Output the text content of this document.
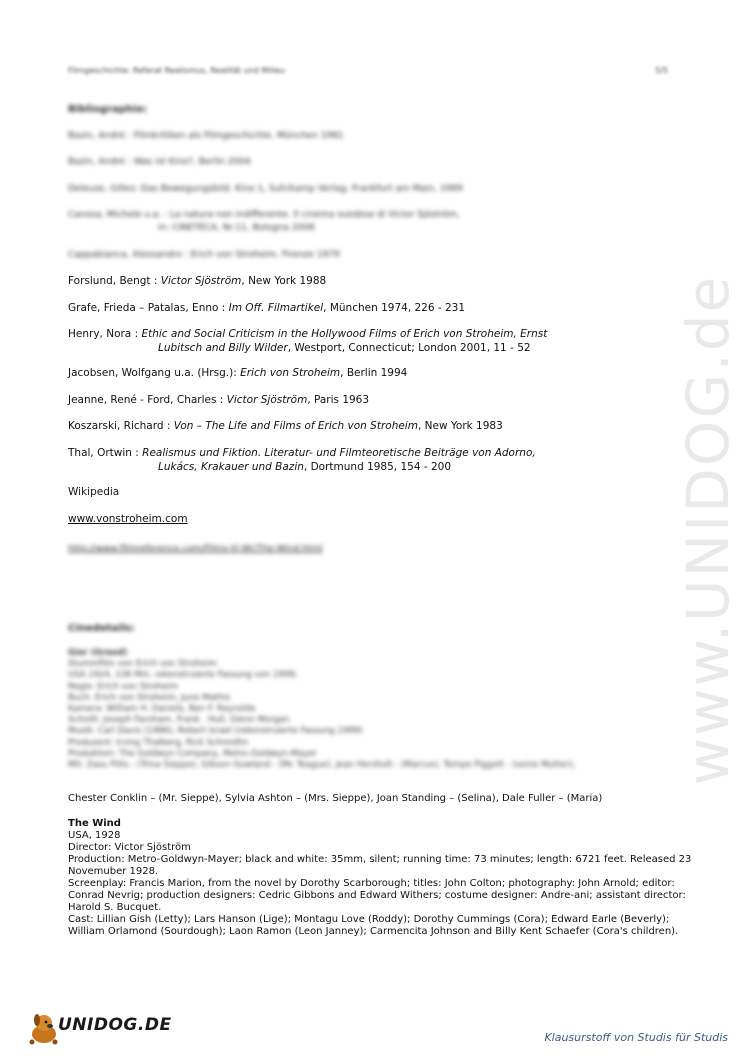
Filmgeschichte: Referat Realismus, Realität und Milieu	5/5
Bibliographie:
Bazin, André : Filmkritiken als Filmgeschichte, München 1981
Bazin, André : Was ist Kino?, Berlin 2004
Deleuze, Gilles: Das Bewegungsbild. Kino 1, Suhrkamp Verlag, Frankfurt am Main, 1989
Canosa, Michele u.a. : La natura non indifferente. Il cinema svedese di Victor Sjöström,
in: CINETECA, Nr.11, Bologna 2006
Cappabianca, Alessandro : Erich von Stroheim, Firenze 1979
Forslund, Bengt : Victor Sjöström, New York 1988
Grafe, Frieda – Patalas, Enno : Im Off. Filmartikel, München 1974, 226 - 231
Henry, Nora : Ethic and Social Criticism in the Hollywood Films of Erich von Stroheim, Ernst
Lubitsch and Billy Wilder, Westport, Connecticut; London 2001, 11 - 52
Jacobsen, Wolfgang u.a. (Hrsg.): Erich von Stroheim, Berlin 1994
Jeanne, René - Ford, Charles : Victor Sjöström, Paris 1963
Koszarski, Richard : Von – The Life and Films of Erich von Stroheim, New York 1983
Thal, Ortwin : Realismus und Fiktion. Literatur- und Filmteoretische Beiträge von Adorno,
Lukács, Krakauer und Bazin, Dortmund 1985, 154 - 200
Wikipedia
www.vonstroheim.com
http://www.filmreference.com/Films-Vi-Wr/The-Wind.html
Cinedetails:
Gier (Greed)
Stummfilm von Erich von Stroheim
USA 1924, 236 Min. rekonstruierte Fassung von 1999;
Regie: Erich von Stroheim
Buch: Erich von Stroheim, June Mathis
Kamera: William H. Daniels, Ben F. Reynolds
Schnitt: Joseph Farnham, Frank . Hull, Glenn Morgan
Musik: Carl Davis (1986), Robert Israel (rekonstruierte Fassung 1999)
Produzent: Irving Thalberg, Rick Schmidlin
Produktion: The Goldwyn Company, Metro-Goldwyn-Mayer
Mit: Zasu Pitts - (Trina Sieppe), Gibson Gowland - (Mc Teague), Jean Hersholt - (Marcus), Tempe Piggott - (seine Mutter),
Chester Conklin – (Mr. Sieppe), Sylvia Ashton – (Mrs. Sieppe), Joan Standing – (Selina), Dale Fuller – (Maria)
The Wind
USA, 1928
Director: Victor Sjöström
Production: Metro-Goldwyn-Mayer; black and white: 35mm, silent; running time: 73 minutes; length: 6721 feet. Released 23 Novemuber 1928.
Screenplay: Francis Marion, from the novel by Dorothy Scarborough; titles: John Colton; photography: John Arnold; editor: Conrad Nevrig; production designers: Cedric Gibbons and Edward Withers; costume designer: Andre-ani; assistant director: Harold S. Bucquet.
Cast: Lillian Gish (Letty); Lars Hanson (Lige); Montagu Love (Roddy); Dorothy Cummings (Cora); Edward Earle (Beverly); William Orlamond (Sourdough); Laon Ramon (Leon Janney); Carmencita Johnson and Billy Kent Schaefer (Cora's children).
www.UNIDOG.de
UNIDOG.DE
Klausurstoff von Studis für Studis
